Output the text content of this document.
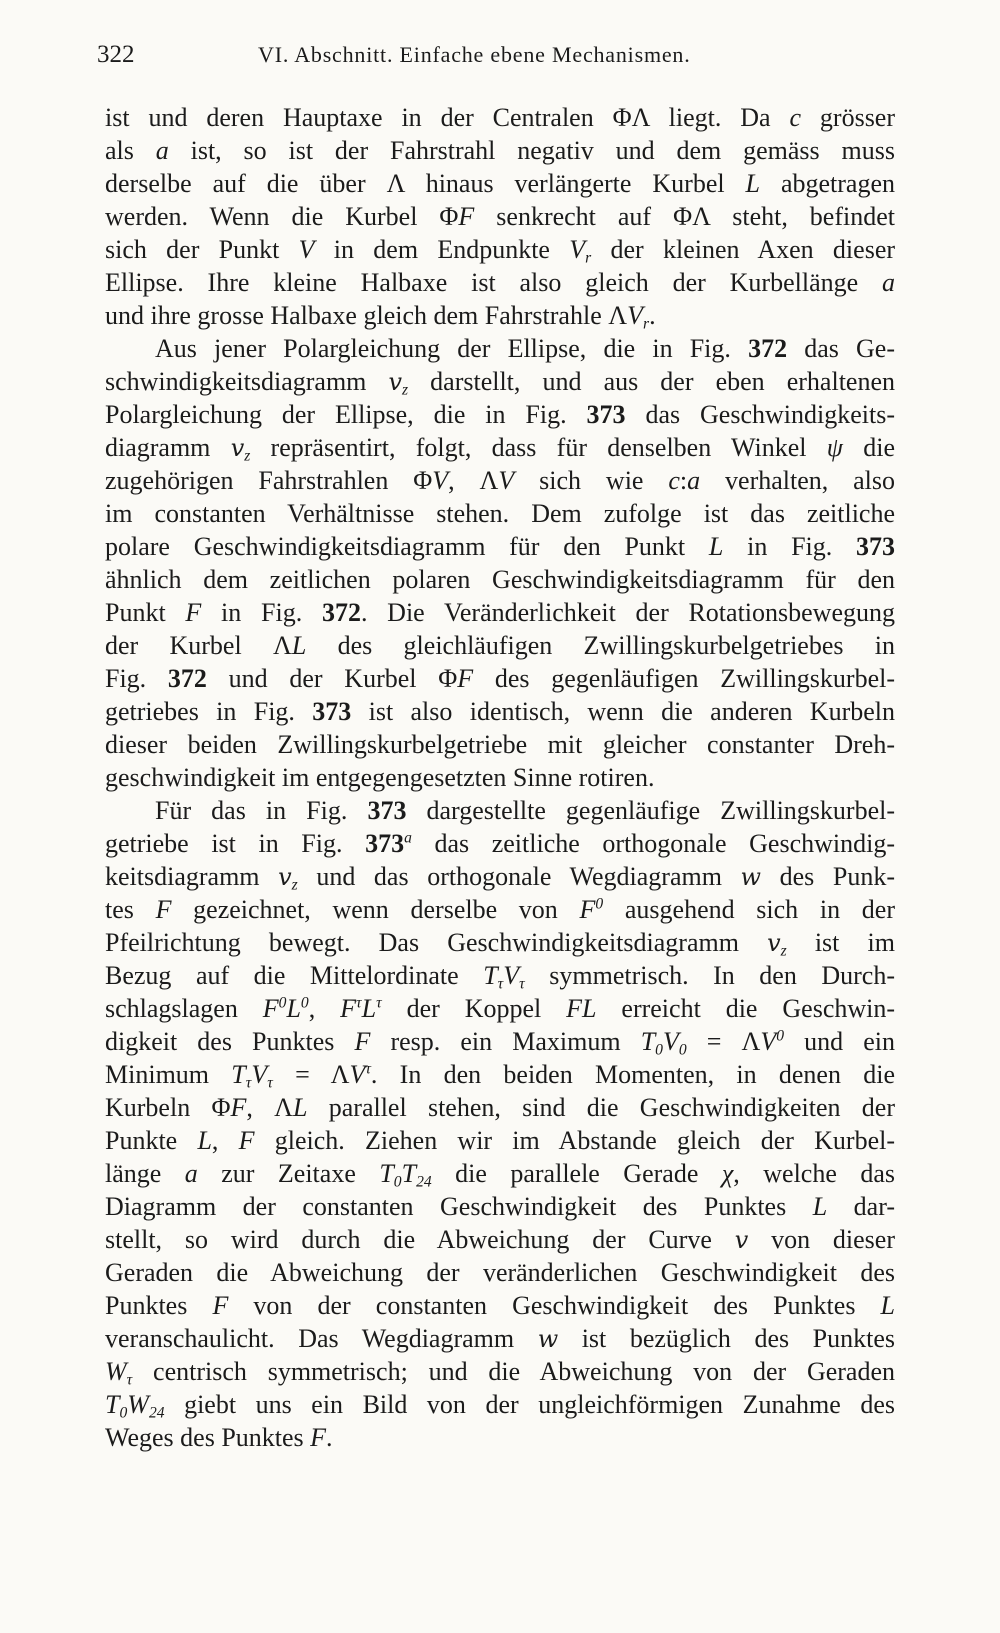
322	VI. Abschnitt. Einfache ebene Mechanismen.
ist und deren Hauptaxe in der Centralen ΦΛ liegt. Da c grösser
als a ist, so ist der Fahrstrahl negativ und dem gemäss muss
derselbe auf die über Λ hinaus verlängerte Kurbel L abgetragen
werden. Wenn die Kurbel ΦF senkrecht auf ΦΛ steht, befindet
sich der Punkt V in dem Endpunkte $V_r$ der kleinen Axen dieser
Ellipse. Ihre kleine Halbaxe ist also gleich der Kurbellänge a
und ihre grosse Halbaxe gleich dem Fahrstrahle $\Lambda V_r$.
Aus jener Polargleichung der Ellipse, die in Fig. 372 das Ge-
schwindigkeitsdiagramm $v_z$ darstellt, und aus der eben erhaltenen
Polargleichung der Ellipse, die in Fig. 373 das Geschwindigkeits-
diagramm $v_z$ repräsentirt, folgt, dass für denselben Winkel ψ die
zugehörigen Fahrstrahlen ΦV, ΛV sich wie c:a verhalten, also
im constanten Verhältnisse stehen. Dem zufolge ist das zeitliche
polare Geschwindigkeitsdiagramm für den Punkt L in Fig. 373
ähnlich dem zeitlichen polaren Geschwindigkeitsdiagramm für den
Punkt F in Fig. 372. Die Veränderlichkeit der Rotationsbewegung
der Kurbel ΛL des gleichläufigen Zwillingskurbelgetriebes in
Fig. 372 und der Kurbel ΦF des gegenläufigen Zwillingskurbel-
getriebes in Fig. 373 ist also identisch, wenn die anderen Kurbeln
dieser beiden Zwillingskurbelgetriebe mit gleicher constanter Dreh-
geschwindigkeit im entgegengesetzten Sinne rotiren.
Für das in Fig. 373 dargestellte gegenläufige Zwillingskurbel-
getriebe ist in Fig. 373$^a$ das zeitliche orthogonale Geschwindig-
keitsdiagramm $v_z$ und das orthogonale Wegdiagramm w des Punk-
tes F gezeichnet, wenn derselbe von $F^0$ ausgehend sich in der
Pfeilrichtung bewegt. Das Geschwindigkeitsdiagramm $v_z$ ist im
Bezug auf die Mittelordinate $T_\tau V_\tau$ symmetrisch. In den Durch-
schlagslagen $F^0L^0$, $F^\tau L^\tau$ der Koppel FL erreicht die Geschwin-
digkeit des Punktes F resp. ein Maximum $T_0V_0 = \Lambda V^0$ und ein
Minimum $T_\tau V_\tau = \Lambda V^\tau$. In den beiden Momenten, in denen die
Kurbeln ΦF, ΛL parallel stehen, sind die Geschwindigkeiten der
Punkte L, F gleich. Ziehen wir im Abstande gleich der Kurbel-
länge a zur Zeitaxe $T_0T_{24}$ die parallele Gerade χ, welche das
Diagramm der constanten Geschwindigkeit des Punktes L dar-
stellt, so wird durch die Abweichung der Curve v von dieser
Geraden die Abweichung der veränderlichen Geschwindigkeit des
Punktes F von der constanten Geschwindigkeit des Punktes L
veranschaulicht. Das Wegdiagramm w ist bezüglich des Punktes
$W_\tau$ centrisch symmetrisch; und die Abweichung von der Geraden
$T_0W_{24}$ giebt uns ein Bild von der ungleichförmigen Zunahme des
Weges des Punktes F.
